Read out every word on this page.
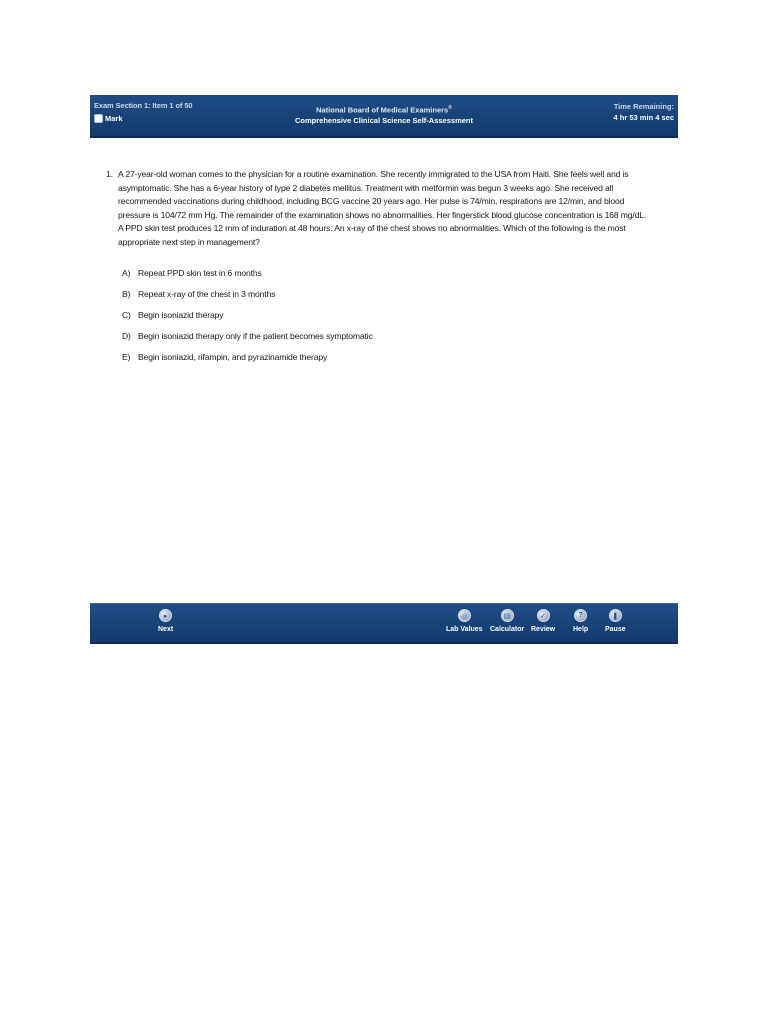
Exam Section 1: Item 1 of 50
Mark
National Board of Medical Examiners®
Comprehensive Clinical Science Self-Assessment
Time Remaining:
4 hr 53 min 4 sec
1. A 27-year-old woman comes to the physician for a routine examination. She recently immigrated to the USA from Haiti. She feels well and is asymptomatic. She has a 6-year history of type 2 diabetes mellitus. Treatment with metformin was begun 3 weeks ago. She received all recommended vaccinations during childhood, including BCG vaccine 20 years ago. Her pulse is 74/min, respirations are 12/min, and blood pressure is 104/72 mm Hg. The remainder of the examination shows no abnormalities. Her fingerstick blood glucose concentration is 168 mg/dL. A PPD skin test produces 12 mm of induration at 48 hours. An x-ray of the chest shows no abnormalities. Which of the following is the most appropriate next step in management?
A) Repeat PPD skin test in 6 months
B) Repeat x-ray of the chest in 3 months
C) Begin isoniazid therapy
D) Begin isoniazid therapy only if the patient becomes symptomatic
E) Begin isoniazid, rifampin, and pyrazinamide therapy
▸
Next
◎
Lab Values
▤
Calculator
✓
Review
?
Help
❚
Pause
